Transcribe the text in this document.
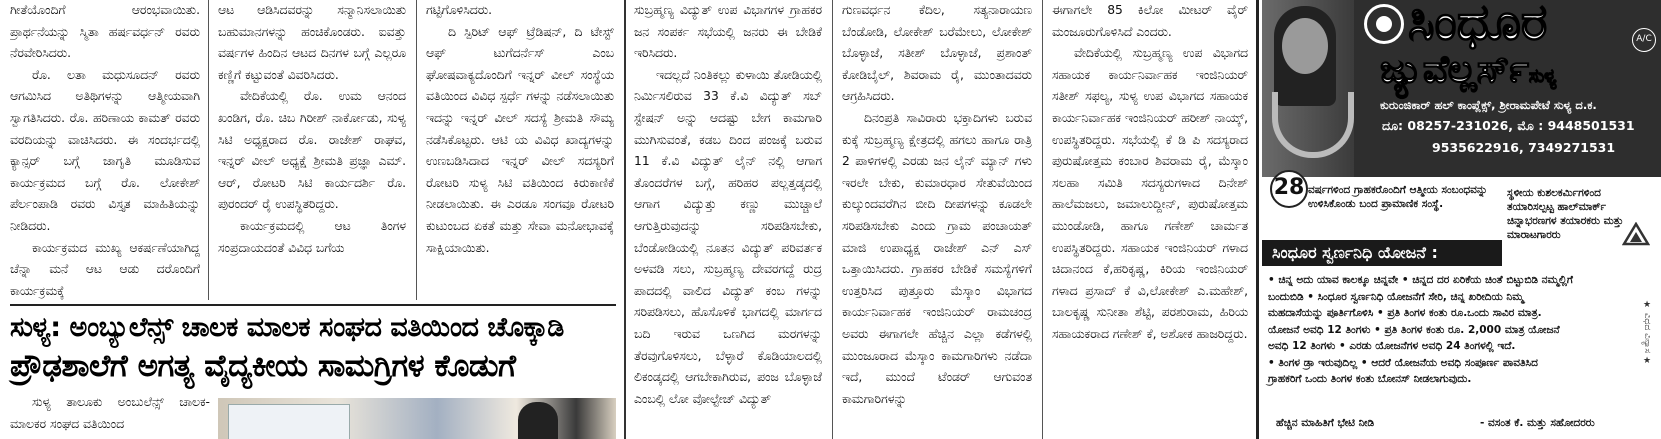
ಗೀತೆಯೊಂದಿಗೆ ಆರಂಭವಾಯಿತು. ಪ್ರಾರ್ಥನೆಯನ್ನು ಸ್ಮಿತಾ ಹರ್ಷವರ್ಧನ್ ರವರು ನೆರವೇರಿಸಿದರು.

ರೊ. ಲತಾ ಮಧುಸೂದನ್ ರವರು ಆಗಮಿಸಿದ ಅತಿಥಿಗಳನ್ನು ಆತ್ಮೀಯವಾಗಿ ಸ್ವಾಗತಿಸಿದರು. ರೊ. ಹರಿಣಾಯ ಕಾಮತ್ ರವರು ವರದಿಯನ್ನು ವಾಚಿಸಿದರು. ಈ ಸಂದರ್ಭದಲ್ಲಿ ಕ್ಯಾನ್ಸರ್ ಬಗ್ಗೆ ಜಾಗೃತಿ ಮೂಡಿಸುವ ಕಾರ್ಯಕ್ರಮದ ಬಗ್ಗೆ ರೊ. ಲೋಕೇಶ್ ಪೆರ್ಲಂಪಾಡಿ ರವರು ವಿಸ್ತೃತ ಮಾಹಿತಿಯನ್ನು ನೀಡಿದರು.

ಕಾರ್ಯಕ್ರಮದ ಮುಖ್ಯ ಆಕರ್ಷಣೆಯಾಗಿದ್ದ ಚೆನ್ನಾ ಮನೆ ಆಟ ಆಡು ದರೊಂದಿಗೆ ಕಾರ್ಯಕ್ರಮಕ್ಕೆ

ಆಟ ಆಡಿಸಿದವರನ್ನು ಸನ್ಮಾನಿಸಲಾಯಿತು ಬಹುಮಾನಗಳನ್ನು ಹಂಚಿಕೊಂಡರು. ಐವತ್ತು ವರ್ಷಗಳ ಹಿಂದಿನ ಆಟದ ದಿನಗಳ ಬಗ್ಗೆ ಎಲ್ಲರೂ ಕಣ್ಣಿಗೆ ಕಟ್ಟುವಂತೆ ವಿವರಿಸಿದರು.

ವೇದಿಕೆಯಲ್ಲಿ ರೊ. ಉಮ ಆನಂದ ಖಂಡಿಗ, ರೊ. ಚಿಬ ಗಿರೀಶ್ ನಾರ್ಕೋಡು, ಸುಳ್ಯ ಸಿಟಿ ಅಧ್ಯಕ್ಷರಾದ ರೊ. ರಾಜೇಶ್ ರಾಘವ, ಇನ್ನರ್ ವೀಲ್ ಅಧ್ಯಕ್ಷೆ ಶ್ರೀಮತಿ ಪ್ರಜ್ಞಾ ಎಮ್. ಆರ್, ರೋಟರಿ ಸಿಟಿ ಕಾರ್ಯದರ್ಶಿ ರೊ. ಪುರಂದರ್ ರೈ ಉಪಸ್ಥಿತರಿದ್ದರು.

ಕಾರ್ಯಕ್ರಮದಲ್ಲಿ ಆಟ ತಿಂಗಳ ಸಂಪ್ರದಾಯದಂತೆ ವಿವಿಧ ಬಗೆಯ

ಗಟ್ಟಿಗೊಳಿಸಿದರು.

ದಿ ಸ್ಪಿರಿಟ್ ಆಫ್ ಟ್ರೆಡಿಷನ್, ದಿ ಟೇಸ್ಟ್ ಆಫ್ ಟುಗೆದರ್ನೆಸ್ ಎಂಬ ಘೋಷವಾಕ್ಯದೊಂದಿಗೆ ಇನ್ನರ್ ವೀಲ್ ಸಂಸ್ಥೆಯ ವತಿಯಿಂದ ವಿವಿಧ ಸ್ಪರ್ಧೆ ಗಳನ್ನು ನಡೆಸಲಾಯಿತು ಇದನ್ನು ಇನ್ನರ್ ವೀಲ್ ಸದಸ್ಯೆ ಶ್ರೀಮತಿ ಸೌಮ್ಯ ನಡೆಸಿಕೊಟ್ಟರು. ಆಟಿ ಯ ವಿವಿಧ ಖಾದ್ಯಗಳನ್ನು ಉಣಬಡಿಸಿದಾದ ಇನ್ನರ್ ವೀಲ್ ಸದಸ್ಯರಿಗೆ ರೋಟರಿ ಸುಳ್ಯ ಸಿಟಿ ವತಿಯಿಂದ ಕಿರುಕಾಣಿಕೆ ನೀಡಲಾಯಿತು. ಈ ಎರಡೂ ಸಂಗವೂ ರೋಟರಿ ಕುಟುಂಬದ ಏಕತೆ ಮತ್ತು ಸೇವಾ ಮನೋಭಾವಕ್ಕೆ ಸಾಕ್ಷಿಯಾಯಿತು.

ಸುಳ್ಯ: ಅಂಬ್ಯುಲೆನ್ಸ್ ಚಾಲಕ ಮಾಲಕ ಸಂಘದ ವತಿಯಿಂದ ಚೊಕ್ಕಾಡಿ
ಪ್ರೌಢಶಾಲೆಗೆ ಅಗತ್ಯ ವೈದ್ಯಕೀಯ ಸಾಮಗ್ರಿಗಳ ಕೊಡುಗೆ

ಸುಳ್ಯ ತಾಲೂಕು ಅಂಬುಲೆನ್ಸ್ ಚಾಲಕ-ಮಾಲಕರ ಸಂಘದ ವತಿಯಿಂದ

ಸುಬ್ರಹ್ಮಣ್ಯ ವಿದ್ಯುತ್ ಉಪ ವಿಭಾಗಗಳ ಗ್ರಾಹಕರ ಜನ ಸಂಪರ್ಕ ಸಭೆಯಲ್ಲಿ ಜನರು ಈ ಬೇಡಿಕೆ ಇರಿಸಿದರು.

ಇದಲ್ಲದೆ ನಿಂತಿಕಲ್ಲು ಕುಳಾಯಿ ತೋಡಿಯಲ್ಲಿ ನಿರ್ಮಿಸಲಿರುವ 33 ಕೆ.ವಿ ವಿದ್ಯುತ್ ಸಬ್ ಸ್ಟೇಷನ್ ಅನ್ನು ಆದಷ್ಟು ಬೇಗ ಕಾಮಗಾರಿ ಮುಗಿಸುವಂತೆ, ಕಡಬ ದಿಂದ ಪಂಜಕ್ಕೆ ಬರುವ 11 ಕೆ.ವಿ ವಿದ್ಯುತ್ ಲೈನ್ ನಲ್ಲಿ ಆಗಾಗ ತೊಂದರೆಗಳ ಬಗ್ಗೆ, ಹರಿಹರ ಪಲ್ಲತ್ತಡ್ಕದಲ್ಲಿ ಆಗಾಗ ವಿದ್ಯುತ್ತು ಕಣ್ಣು ಮುಚ್ಚಾಲೆ ಆಗುತ್ತಿರುವುದನ್ನು ಸರಿಪಡಿಸಬೇಕು, ಬೆಂಡೋಡಿಯಲ್ಲಿ ನೂತನ ವಿದ್ಯುತ್ ಪರಿವರ್ತಕ ಅಳವಡಿ ಸಲು, ಸುಬ್ರಹ್ಮಣ್ಯ ದೇವರಗದ್ದೆ ರುದ್ರ ಪಾದದಲ್ಲಿ ವಾಲಿದ ವಿದ್ಯುತ್ ಕಂಬ ಗಳನ್ನು ಸರಿಪಡಿಸಲು, ಹೊಸೊಳಿಕೆ ಭಾಗದಲ್ಲಿ ಮಾರ್ಗದ ಬದಿ ಇರುವ ಒಣಗಿದ ಮರಗಳನ್ನು ತೆರವುಗೊಳಿಸಲು, ಬೆಳ್ಳಾರೆ ಕೊಡಿಯಾಲದಲ್ಲಿ ಲಿಕಂಡ್ಕದಲ್ಲಿ ಆಗಬೇಕಾಗಿರುವ, ಪಂಜ ಬೊಳ್ಳಾಜೆ ಎಂಬಲ್ಲಿ ಲೋ ವೋಲ್ಟೇಜ್ ವಿದ್ಯುತ್

ಗುಣವರ್ಧನ ಕೆದಿಲ, ಸತ್ಯನಾರಾಯಣ ಬೆಂಡೋಡಿ, ಲೋಕೇಶ್ ಬರೆಮೇಲು, ಲೋಕೇಶ್ ಬೊಳ್ಳಾಜೆ, ಸತೀಶ್ ಬೊಳ್ಳಾಜೆ, ಪ್ರಶಾಂತ್ ಕೋಡಿಬೈಲ್, ಶಿವರಾಮ ರೈ, ಮುಂತಾದವರು ಆಗ್ರಹಿಸಿದರು.

ದಿನಂಪ್ರತಿ ಸಾವಿರಾರು ಭಕ್ತಾದಿಗಳು ಬರುವ ಕುಕ್ಕೆ ಸುಬ್ರಹ್ಮಣ್ಯ ಕ್ಷೇತ್ರದಲ್ಲಿ ಹಗಲು ಹಾಗೂ ರಾತ್ರಿ 2 ಪಾಳಿಗಳಲ್ಲಿ ಎರಡು ಜನ ಲೈನ್ ಮ್ಯಾನ್ ಗಳು ಇರಲೇ ಬೇಕು, ಕುಮಾರಧಾರ ಸೇತುವೆಯಿಂದ ಕುಲ್ಕುಂದವರೆಗಿನ ಬೀದಿ ದೀಪಗಳನ್ನು ಕೂಡಲೇ ಸರಿಪಡಿಸಬೇಕು ಎಂದು ಗ್ರಾಮ ಪಂಚಾಯತ್ ಮಾಜಿ ಉಪಾಧ್ಯಕ್ಷ ರಾಜೇಶ್ ಎನ್ ಎಸ್ ಒತ್ತಾಯಿಸಿದರು. ಗ್ರಾಹಕರ ಬೇಡಿಕೆ ಸಮಸ್ಯೆಗಳಿಗೆ ಉತ್ತರಿಸಿದ ಪುತ್ತೂರು ಮೆಸ್ಕಾಂ ವಿಭಾಗದ ಕಾರ್ಯನಿರ್ವಾಹಕ ಇಂಜಿನಿಯರ್ ರಾಮಚಂದ್ರ ಅವರು ಈಗಾಗಲೇ ಹೆಚ್ಚಿನ ಎಲ್ಲಾ ಕಡೆಗಳಲ್ಲಿ ಮುಂಜೂರಾದ ಮೆಸ್ಕಾಂ ಕಾಮಗಾರಿಗಳು ನಡೆದಾ ಇದೆ, ಮುಂದೆ ಟೆಂಡರ್ ಆಗುವಂತ ಕಾಮಗಾರಿಗಳನ್ನು

ಈಗಾಗಲೇ 85 ಕಿಲೋ ಮೀಟರ್ ವೈರ್ ಮಂಜೂರುಗೊಳಿಸಿದೆ ಎಂದರು.

ವೇದಿಕೆಯಲ್ಲಿ ಸುಬ್ರಹ್ಮಣ್ಯ ಉಪ ವಿಭಾಗದ ಸಹಾಯಕ ಕಾರ್ಯನಿರ್ವಾಹಕ ಇಂಜಿನಿಯರ್ ಸತೀಶ್ ಸಫಲ್ಯ, ಸುಳ್ಯ ಉಪ ವಿಭಾಗದ ಸಹಾಯಕ ಕಾರ್ಯನಿರ್ವಾಹಕ ಇಂಜಿನಿಯರ್ ಹರೀಶ್ ನಾಯ್ಕ್, ಉಪಸ್ಥಿತರಿದ್ದರು. ಸಭೆಯಲ್ಲಿ ಕೆ ಡಿ ಪಿ ಸದಸ್ಯರಾದ ಪುರುಷೋತ್ತಮ ಕಂಬಾರ ಶಿವರಾಮ ರೈ, ಮೆಸ್ಕಾಂ ಸಲಹಾ ಸಮಿತಿ ಸದಸ್ಯರುಗಳಾದ ದಿನೇಶ್ ಹಾಲೆಮಜಲು, ಜಮಾಲುದ್ದೀನ್, ಪುರುಷೋತ್ತಮ ಮುಂಡೋಡಿ, ಹಾಗೂ ಗಣೇಶ್ ಚಾರ್ಮತ ಉಪಸ್ಥಿತರಿದ್ದರು. ಸಹಾಯಕ ಇಂಜಿನಿಯರ್ ಗಳಾದ ಚಿದಾನಂದ ಕೆ,ಹರಿಕೃಷ್ಣ, ಕಿರಿಯ ಇಂಜಿನಿಯರ್ ಗಳಾದ ಪ್ರಸಾದ್ ಕೆ ವಿ,ಲೋಕೇಶ್ ಎ.ಮಹೇಶ್, ಬಾಲಕೃಷ್ಣ ಸುನೀತಾ ಶೆಟ್ಟಿ, ಪರಶುರಾಮ, ಹಿರಿಯ ಸಹಾಯಕರಾದ ಗಣೇಶ್ ಕೆ, ಅಶೋಕ ಹಾಜರಿದ್ದರು.

ಸಿಂಧೂರ
ಜ್ಯುವೆಲ್ಲರ್ಸ್ಸುಳ್ಯ
A/C
ಕುರುಂಜಿಕಾರ್ ಹಲ್ ಕಾಂಪ್ಲೆಕ್ಸ್, ಶ್ರೀರಾಮಪೇಟೆ ಸುಳ್ಯ ದ.ಕ.
ದೂ: 08257-231026, ಮೊ : 9448501531
9535622916, 7349271531
28 ವರ್ಷಗಳಿಂದ ಗ್ರಾಹಕರೊಂದಿಗೆ ಆತ್ಮೀಯ ಸಂಬಂಧವನ್ನು ಉಳಿಸಿಕೊಂಡು ಬಂದ ಪ್ರಾಮಾಣಿಕ ಸಂಸ್ಥೆ.
ಸ್ಥಳೀಯ ಕುಶಲಕರ್ಮಿಗಳಿಂದ ತಯಾರಿಸಲ್ಪಟ್ಟ ಹಾಲ್‌ಮಾರ್ಕ್ ಚಿನ್ನಾಭರಣಗಳ ತಯಾರಕರು ಮತ್ತು ಮಾರಾಟಗಾರರು
ಸಿಂಧೂರ ಸ್ವರ್ಣನಿಧಿ ಯೋಜನೆ :

• ಚಿನ್ನ ಅದು ಯಾವ ಕಾಲಕ್ಕೂ ಚಿನ್ನವೇ • ಚಿನ್ನದ ದರ ಏರಿಕೆಯ ಚಿಂತೆ ಬಿಟ್ಟುಬಿಡಿ ನಮ್ಮಲ್ಲಿಗೆ

ಬಂದುಬಿಡಿ • ಸಿಂಧೂರ ಸ್ವರ್ಣನಿಧಿ ಯೋಜನೆಗೆ ಸೇರಿ, ಚಿನ್ನ ಖರೀದಿಯ ನಿಮ್ಮ

ಮಹದಾಸೆಯನ್ನು ಪೂರ್ತಿಗೊಳಿಸಿ • ಪ್ರತಿ ತಿಂಗಳ ಕಂತು ರೂ.ಒಂದು ಸಾವಿರ ಮಾತ್ರ.

ಯೋಜನೆ ಅವಧಿ 12 ತಿಂಗಳು • ಪ್ರತಿ ತಿಂಗಳ ಕಂತು ರೂ. 2,000 ಮಾತ್ರ ಯೋಜನೆ

ಅವಧಿ 12 ತಿಂಗಳು • ಎರಡು ಯೋಜನೆಗಳ ಅವಧಿ 24 ತಿಂಗಳಲ್ಲಿ ಇದೆ.

• ತಿಂಗಳ ಡ್ರಾ ಇರುವುದಿಲ್ಲ • ಆದರೆ ಯೋಜನೆಯ ಅವಧಿ ಸಂಪೂರ್ಣ ಪಾವತಿಸಿದ

ಗ್ರಾಹಕರಿಗೆ ಒಂದು ತಿಂಗಳ ಕಂತು ಬೋನಸ್ ನೀಡಲಾಗುವುದು.

★ ವಿಧದ ವಿನ್ಯಾಸ ★
ಹೆಚ್ಚಿನ ಮಾಹಿತಿಗೆ ಭೇಟಿ ನೀಡಿ	- ವಸಂತ ಕೆ. ಮತ್ತು ಸಹೋದರರು
